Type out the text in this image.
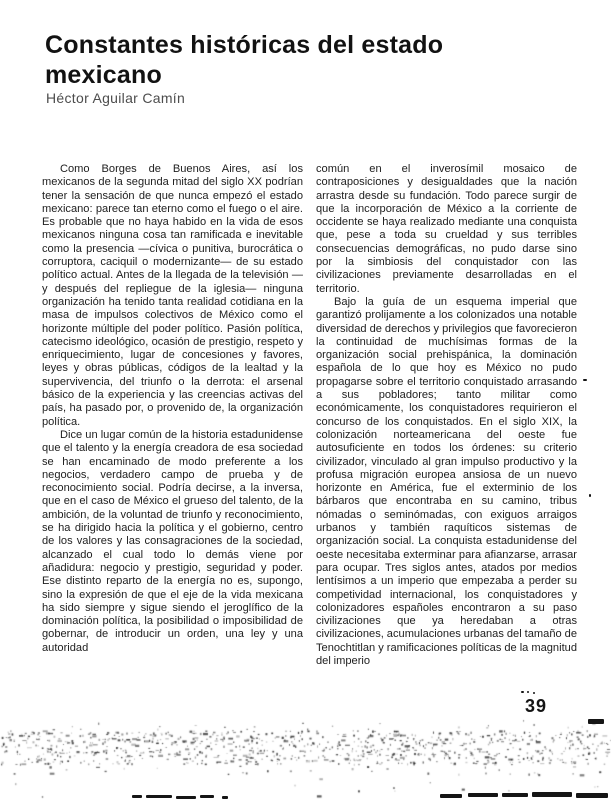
Constantes históricas del estado mexicano
Héctor Aguilar Camín

Como Borges de Buenos Aires, así los mexicanos de la segunda mitad del siglo XX podrían tener la sensación de que nunca empezó el estado mexicano: parece tan eterno como el fuego o el aire. Es probable que no haya habido en la vida de esos mexicanos ninguna cosa tan ramificada e inevitable como la presencia —cívica o punitiva, burocrática o corruptora, caciquil o modernizante— de su estado político actual. Antes de la llegada de la televisión —y después del repliegue de la iglesia— ninguna organización ha tenido tanta realidad cotidiana en la masa de impulsos colectivos de México como el horizonte múltiple del poder político. Pasión política, catecismo ideológico, ocasión de prestigio, respeto y enriquecimiento, lugar de concesiones y favores, leyes y obras públicas, códigos de la lealtad y la supervivencia, del triunfo o la derrota: el arsenal básico de la experiencia y las creencias activas del país, ha pasado por, o provenido de, la organización política.

Dice un lugar común de la historia estadunidense que el talento y la energía creadora de esa sociedad se han encaminado de modo preferente a los negocios, verdadero campo de prueba y de reconocimiento social. Podría decirse, a la inversa, que en el caso de México el grueso del talento, de la ambición, de la voluntad de triunfo y reconocimiento, se ha dirigido hacia la política y el gobierno, centro de los valores y las consagraciones de la sociedad, alcanzado el cual todo lo demás viene por añadidura: negocio y prestigio, seguridad y poder. Ese distinto reparto de la energía no es, supongo, sino la expresión de que el eje de la vida mexicana ha sido siempre y sigue siendo el jeroglífico de la dominación política, la posibilidad o imposibilidad de gobernar, de introducir un orden, una ley y una autoridad

común en el inverosímil mosaico de contraposiciones y desigualdades que la nación arrastra desde su fundación. Todo parece surgir de que la incorporación de México a la corriente de occidente se haya realizado mediante una conquista que, pese a toda su crueldad y sus terribles consecuencias demográficas, no pudo darse sino por la simbiosis del conquistador con las civilizaciones previamente desarrolladas en el territorio.

Bajo la guía de un esquema imperial que garantizó prolijamente a los colonizados una notable diversidad de derechos y privilegios que favorecieron la continuidad de muchísimas formas de la organización social prehispánica, la dominación española de lo que hoy es México no pudo propagarse sobre el territorio conquistado arrasando a sus pobladores; tanto militar como económicamente, los conquistadores requirieron el concurso de los conquistados. En el siglo XIX, la colonización norteamericana del oeste fue autosuficiente en todos los órdenes: su criterio civilizador, vinculado al gran impulso productivo y la profusa migración europea ansiosa de un nuevo horizonte en América, fue el exterminio de los bárbaros que encontraba en su camino, tribus nómadas o seminómadas, con exiguos arraigos urbanos y también raquíticos sistemas de organización social. La conquista estadunidense del oeste necesitaba exterminar para afianzarse, arrasar para ocupar. Tres siglos antes, atados por medios lentísimos a un imperio que empezaba a perder su competividad internacional, los conquistadores y colonizadores españoles encontraron a su paso civilizaciones que ya heredaban a otras civilizaciones, acumulaciones urbanas del tamaño de Tenochtitlan y ramificaciones políticas de la magnitud del imperio

39
